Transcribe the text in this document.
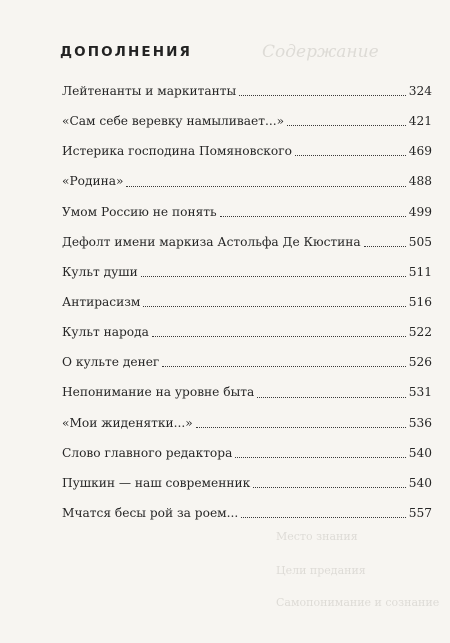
Содержание
Место знания
Цели предания
Самопонимание и сознание
ДОПОЛНЕНИЯ
Лейтенанты и маркитанты	324
«Сам себе веревку намыливает...»	421
Истерика господина Помяновского	469
«Родина»	488
Умом Россию не понять	499
Дефолт имени маркиза Астольфа Де Кюстина	505
Культ души	511
Антирасизм	516
Культ народа	522
О культе денег	526
Непонимание на уровне быта	531
«Мои жиденятки...»	536
Слово главного редактора	540
Пушкин — наш современник	540
Мчатся бесы рой за роем...	557
